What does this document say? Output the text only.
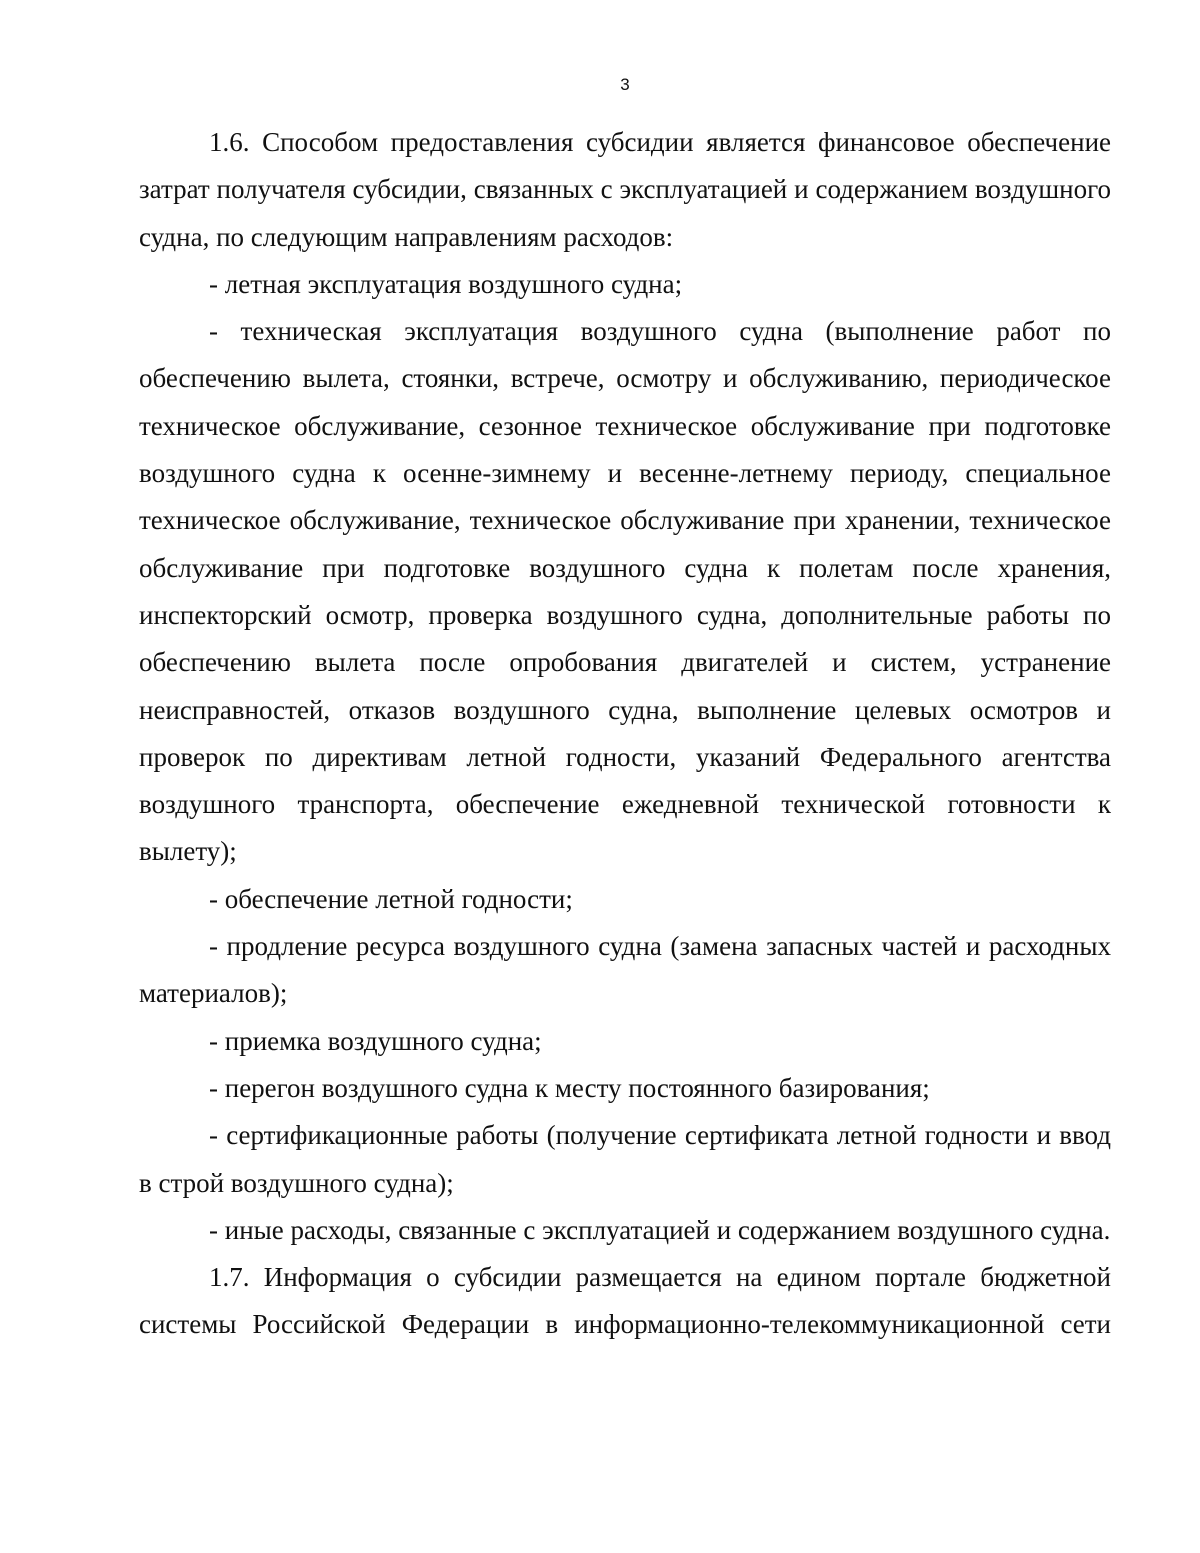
3

1.6. Способом предоставления субсидии является финансовое обеспечение затрат получателя субсидии, связанных с эксплуатацией и содержанием воздушного судна, по следующим направлениям расходов:

- летная эксплуатация воздушного судна;

- техническая эксплуатация воздушного судна (выполнение работ по обеспечению вылета, стоянки, встрече, осмотру и обслуживанию, периодическое техническое обслуживание, сезонное техническое обслуживание при подготовке воздушного судна к осенне-зимнему и весенне-летнему периоду, специальное техническое обслуживание, техническое обслуживание при хранении, техническое обслуживание при подготовке воздушного судна к полетам после хранения, инспекторский осмотр, проверка воздушного судна, дополнительные работы по обеспечению вылета после опробования двигателей и систем, устранение неисправностей, отказов воздушного судна, выполнение целевых осмотров и проверок по директивам летной годности, указаний Федерального агентства воздушного транспорта, обеспечение ежедневной технической готовности к вылету);

- обеспечение летной годности;

- продление ресурса воздушного судна (замена запасных частей и расходных материалов);

- приемка воздушного судна;

- перегон воздушного судна к месту постоянного базирования;

- сертификационные работы (получение сертификата летной годности и ввод в строй воздушного судна);

- иные расходы, связанные с эксплуатацией и содержанием воздушного судна.

1.7. Информация о субсидии размещается на едином портале бюджетной системы Российской Федерации в информационно-телекоммуникационной сети
